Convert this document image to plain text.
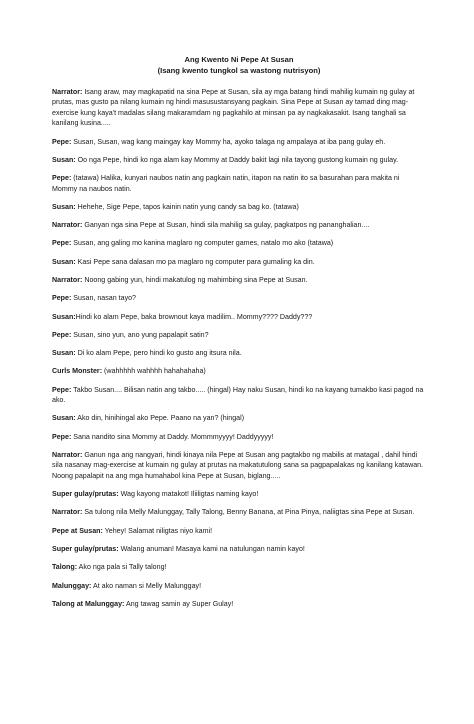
Ang Kwento Ni Pepe At Susan
(Isang kwento tungkol sa wastong nutrisyon)

Narrator: Isang araw, may magkapatid na sina Pepe at Susan, sila ay mga batang hindi mahilig kumain ng gulay at prutas, mas gusto pa nilang kumain ng hindi masusustansyang pagkain. Sina Pepe at Susan ay tamad ding mag-exercise kung kaya't madalas silang makaramdam ng pagkahilo at minsan pa ay nagkakasakit. Isang tanghali sa kanilang kusina.....

Pepe: Susan, Susan, wag kang maingay kay Mommy ha, ayoko talaga ng ampalaya at iba pang gulay eh.

Susan: Oo nga Pepe, hindi ko nga alam kay Mommy at Daddy bakit lagi nila tayong gustong kumain ng gulay.

Pepe: (tatawa) Halika, kunyari naubos natin ang pagkain natin, itapon na natin ito sa basurahan para makita ni Mommy na naubos natin.

Susan: Hehehe, Sige Pepe, tapos kainin natin yung candy sa bag ko. (tatawa)

Narrator: Ganyan nga sina Pepe at Susan, hindi sila mahilig sa gulay, pagkatpos ng pananghalian....

Pepe: Susan, ang galing mo kanina maglaro ng computer games, natalo mo ako (tatawa)

Susan: Kasi Pepe sana dalasan mo pa maglaro ng computer para gumaling ka din.

Narrator: Noong gabing yun, hindi makatulog ng mahimbing sina Pepe at Susan.

Pepe: Susan, nasan tayo?

Susan:Hindi ko alam Pepe, baka brownout kaya madilim.. Mommy???? Daddy???

Pepe: Susan, sino yun, ano yung papalapit satin?

Susan: Di ko alam Pepe, pero hindi ko gusto ang itsura nila.

Curls Monster: (wahhhhh wahhhh hahahahaha)

Pepe: Takbo Susan.... Bilisan natin ang takbo..... (hingal) Hay naku Susan, hindi ko na kayang tumakbo kasi pagod na ako.

Susan: Ako din, hinihingal ako Pepe. Paano na yan? (hingal)

Pepe: Sana nandito sina Mommy at Daddy. Mommmyyyy! Daddyyyyy!

Narrator: Ganun nga ang nangyari, hindi kinaya nila Pepe at Susan ang pagtakbo ng mabilis at matagal , dahil hindi sila nasanay mag-exercise at kumain ng gulay at prutas na makatutulong sana sa pagpapalakas ng kanilang katawan. Noong papalapit na ang mga humahabol kina Pepe at Susan, biglang.....

Super gulay/prutas: Wag kayong matakot! Iliiligtas naming kayo!

Narrator: Sa tulong nila Melly Malunggay, Tally Talong, Benny Banana, at Pina Pinya, naliigtas sina Pepe at Susan.

Pepe at Susan: Yehey! Salamat niligtas niyo kami!

Super gulay/prutas: Walang anuman! Masaya kami na natulungan namin kayo!

Talong: Ako nga pala si Tally talong!

Malunggay: At ako naman si Melly Malunggay!

Talong at Malunggay: Ang tawag samin ay Super Gulay!
